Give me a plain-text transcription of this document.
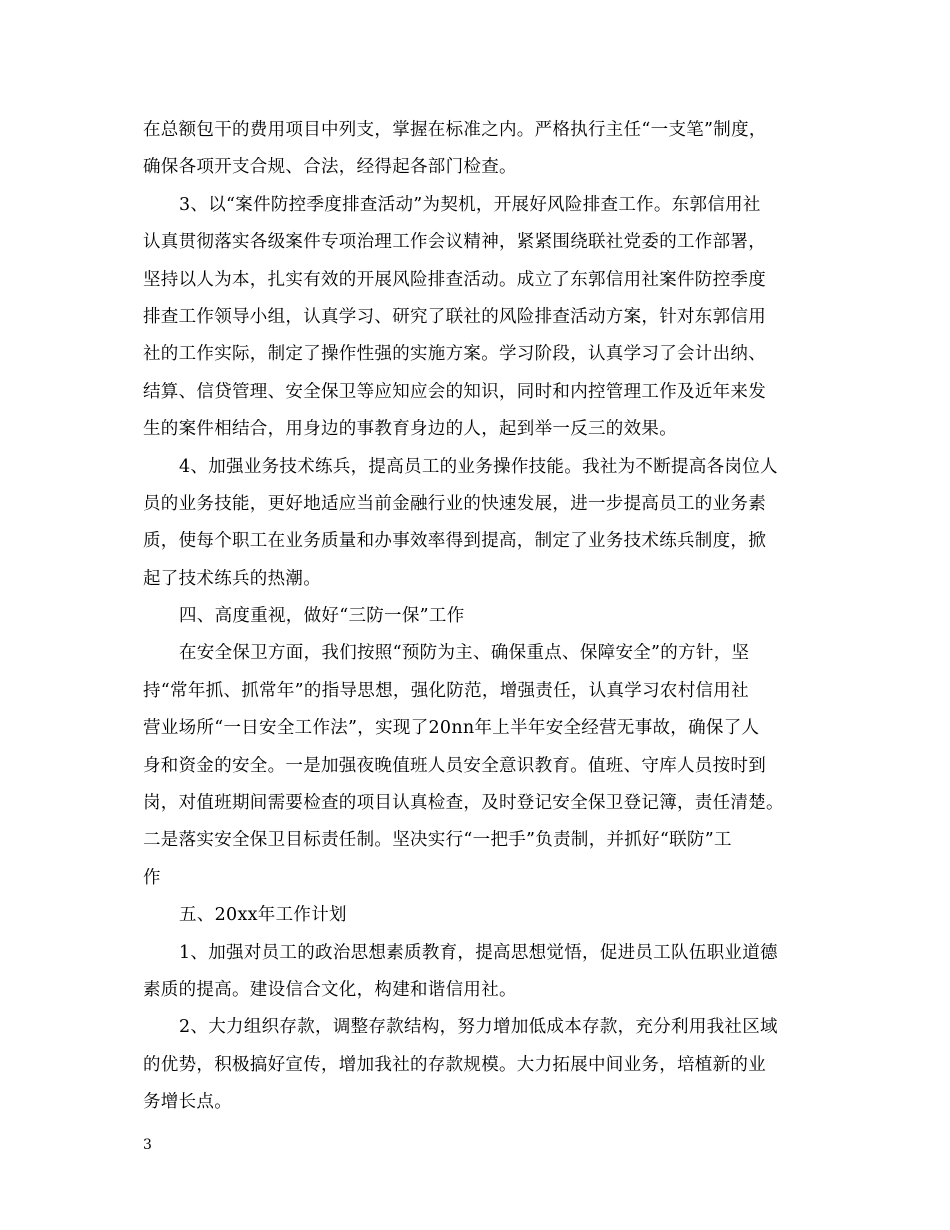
在总额包干的费用项目中列支，掌握在标准之内。严格执行主任“一支笔”制度，
确保各项开支合规、合法，经得起各部门检查。
3、以“案件防控季度排查活动”为契机，开展好风险排查工作。东郭信用社
认真贯彻落实各级案件专项治理工作会议精神，紧紧围绕联社党委的工作部署，
坚持以人为本，扎实有效的开展风险排查活动。成立了东郭信用社案件防控季度
排查工作领导小组，认真学习、研究了联社的风险排查活动方案，针对东郭信用
社的工作实际，制定了操作性强的实施方案。学习阶段，认真学习了会计出纳、
结算、信贷管理、安全保卫等应知应会的知识，同时和内控管理工作及近年来发
生的案件相结合，用身边的事教育身边的人，起到举一反三的效果。
4、加强业务技术练兵，提高员工的业务操作技能。我社为不断提高各岗位人
员的业务技能，更好地适应当前金融行业的快速发展，进一步提高员工的业务素
质，使每个职工在业务质量和办事效率得到提高，制定了业务技术练兵制度，掀
起了技术练兵的热潮。
四、高度重视，做好“三防一保”工作
在安全保卫方面，我们按照“预防为主、确保重点、保障安全”的方针，坚
持“常年抓、抓常年”的指导思想，强化防范，增强责任，认真学习农村信用社
营业场所“一日安全工作法”，实现了20nn年上半年安全经营无事故，确保了人
身和资金的安全。一是加强夜晚值班人员安全意识教育。值班、守库人员按时到
岗，对值班期间需要检查的项目认真检查，及时登记安全保卫登记簿，责任清楚。
二是落实安全保卫目标责任制。坚决实行“一把手”负责制，并抓好“联防”工
作
五、20xx年工作计划
1、加强对员工的政治思想素质教育，提高思想觉悟，促进员工队伍职业道德
素质的提高。建设信合文化，构建和谐信用社。
2、大力组织存款，调整存款结构，努力增加低成本存款，充分利用我社区域
的优势，积极搞好宣传，增加我社的存款规模。大力拓展中间业务，培植新的业
务增长点。
3
